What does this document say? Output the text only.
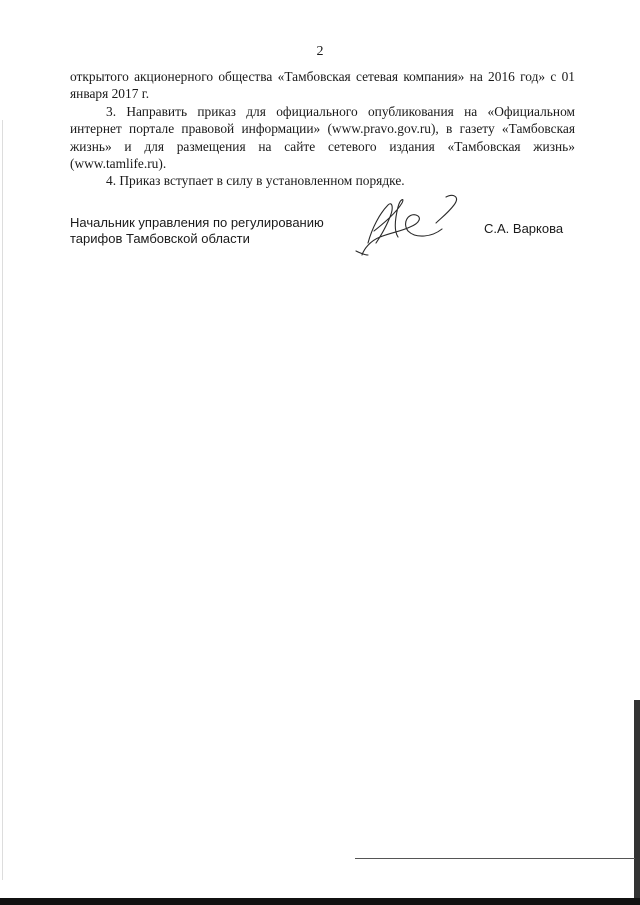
2

открытого акционерного общества «Тамбовская сетевая компания» на 2016 год» с 01 января 2017 г.

3. Направить приказ для официального опубликования на «Официальном интернет портале правовой информации» (www.pravo.gov.ru), в газету «Тамбовская жизнь» и для размещения на сайте сетевого издания «Тамбовская жизнь» (www.tamlife.ru).

4. Приказ вступает в силу в установленном порядке.

Начальник управления по регулированию
тарифов Тамбовской области
С.А. Варкова
